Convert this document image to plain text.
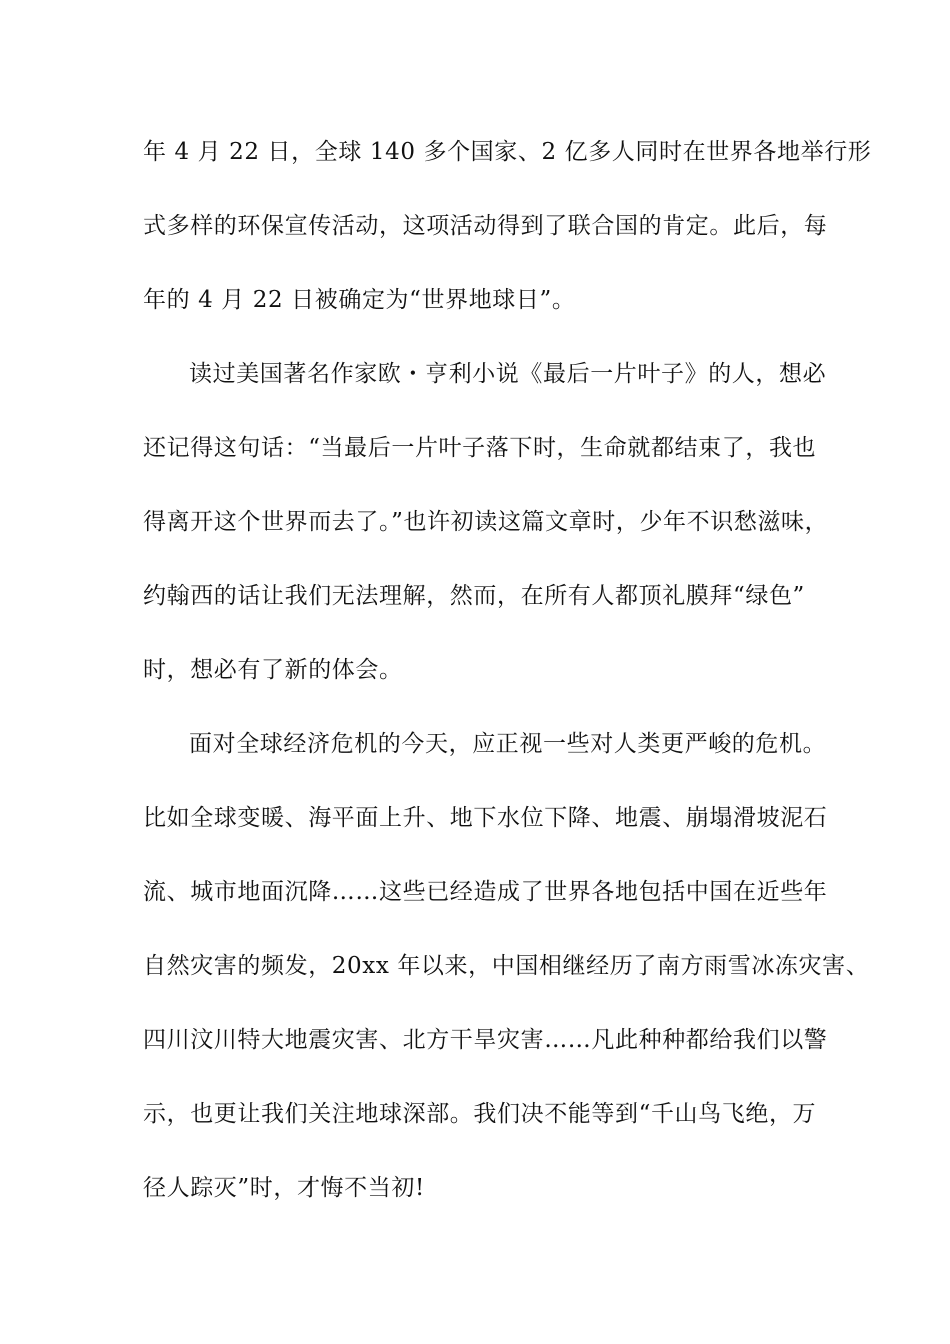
年 4 月 22 日，全球 140 多个国家、2 亿多人同时在世界各地举行形
式多样的环保宣传活动，这项活动得到了联合国的肯定。此后，每
年的 4 月 22 日被确定为“世界地球日”。
读过美国著名作家欧・亨利小说《最后一片叶子》的人，想必
还记得这句话：“当最后一片叶子落下时，生命就都结束了，我也
得离开这个世界而去了。”也许初读这篇文章时，少年不识愁滋味，
约翰西的话让我们无法理解，然而，在所有人都顶礼膜拜“绿色”
时，想必有了新的体会。
面对全球经济危机的今天，应正视一些对人类更严峻的危机。
比如全球变暖、海平面上升、地下水位下降、地震、崩塌滑坡泥石
流、城市地面沉降……这些已经造成了世界各地包括中国在近些年
自然灾害的频发，20xx 年以来，中国相继经历了南方雨雪冰冻灾害、
四川汶川特大地震灾害、北方干旱灾害……凡此种种都给我们以警
示，也更让我们关注地球深部。我们决不能等到“千山鸟飞绝，万
径人踪灭”时，才悔不当初!
